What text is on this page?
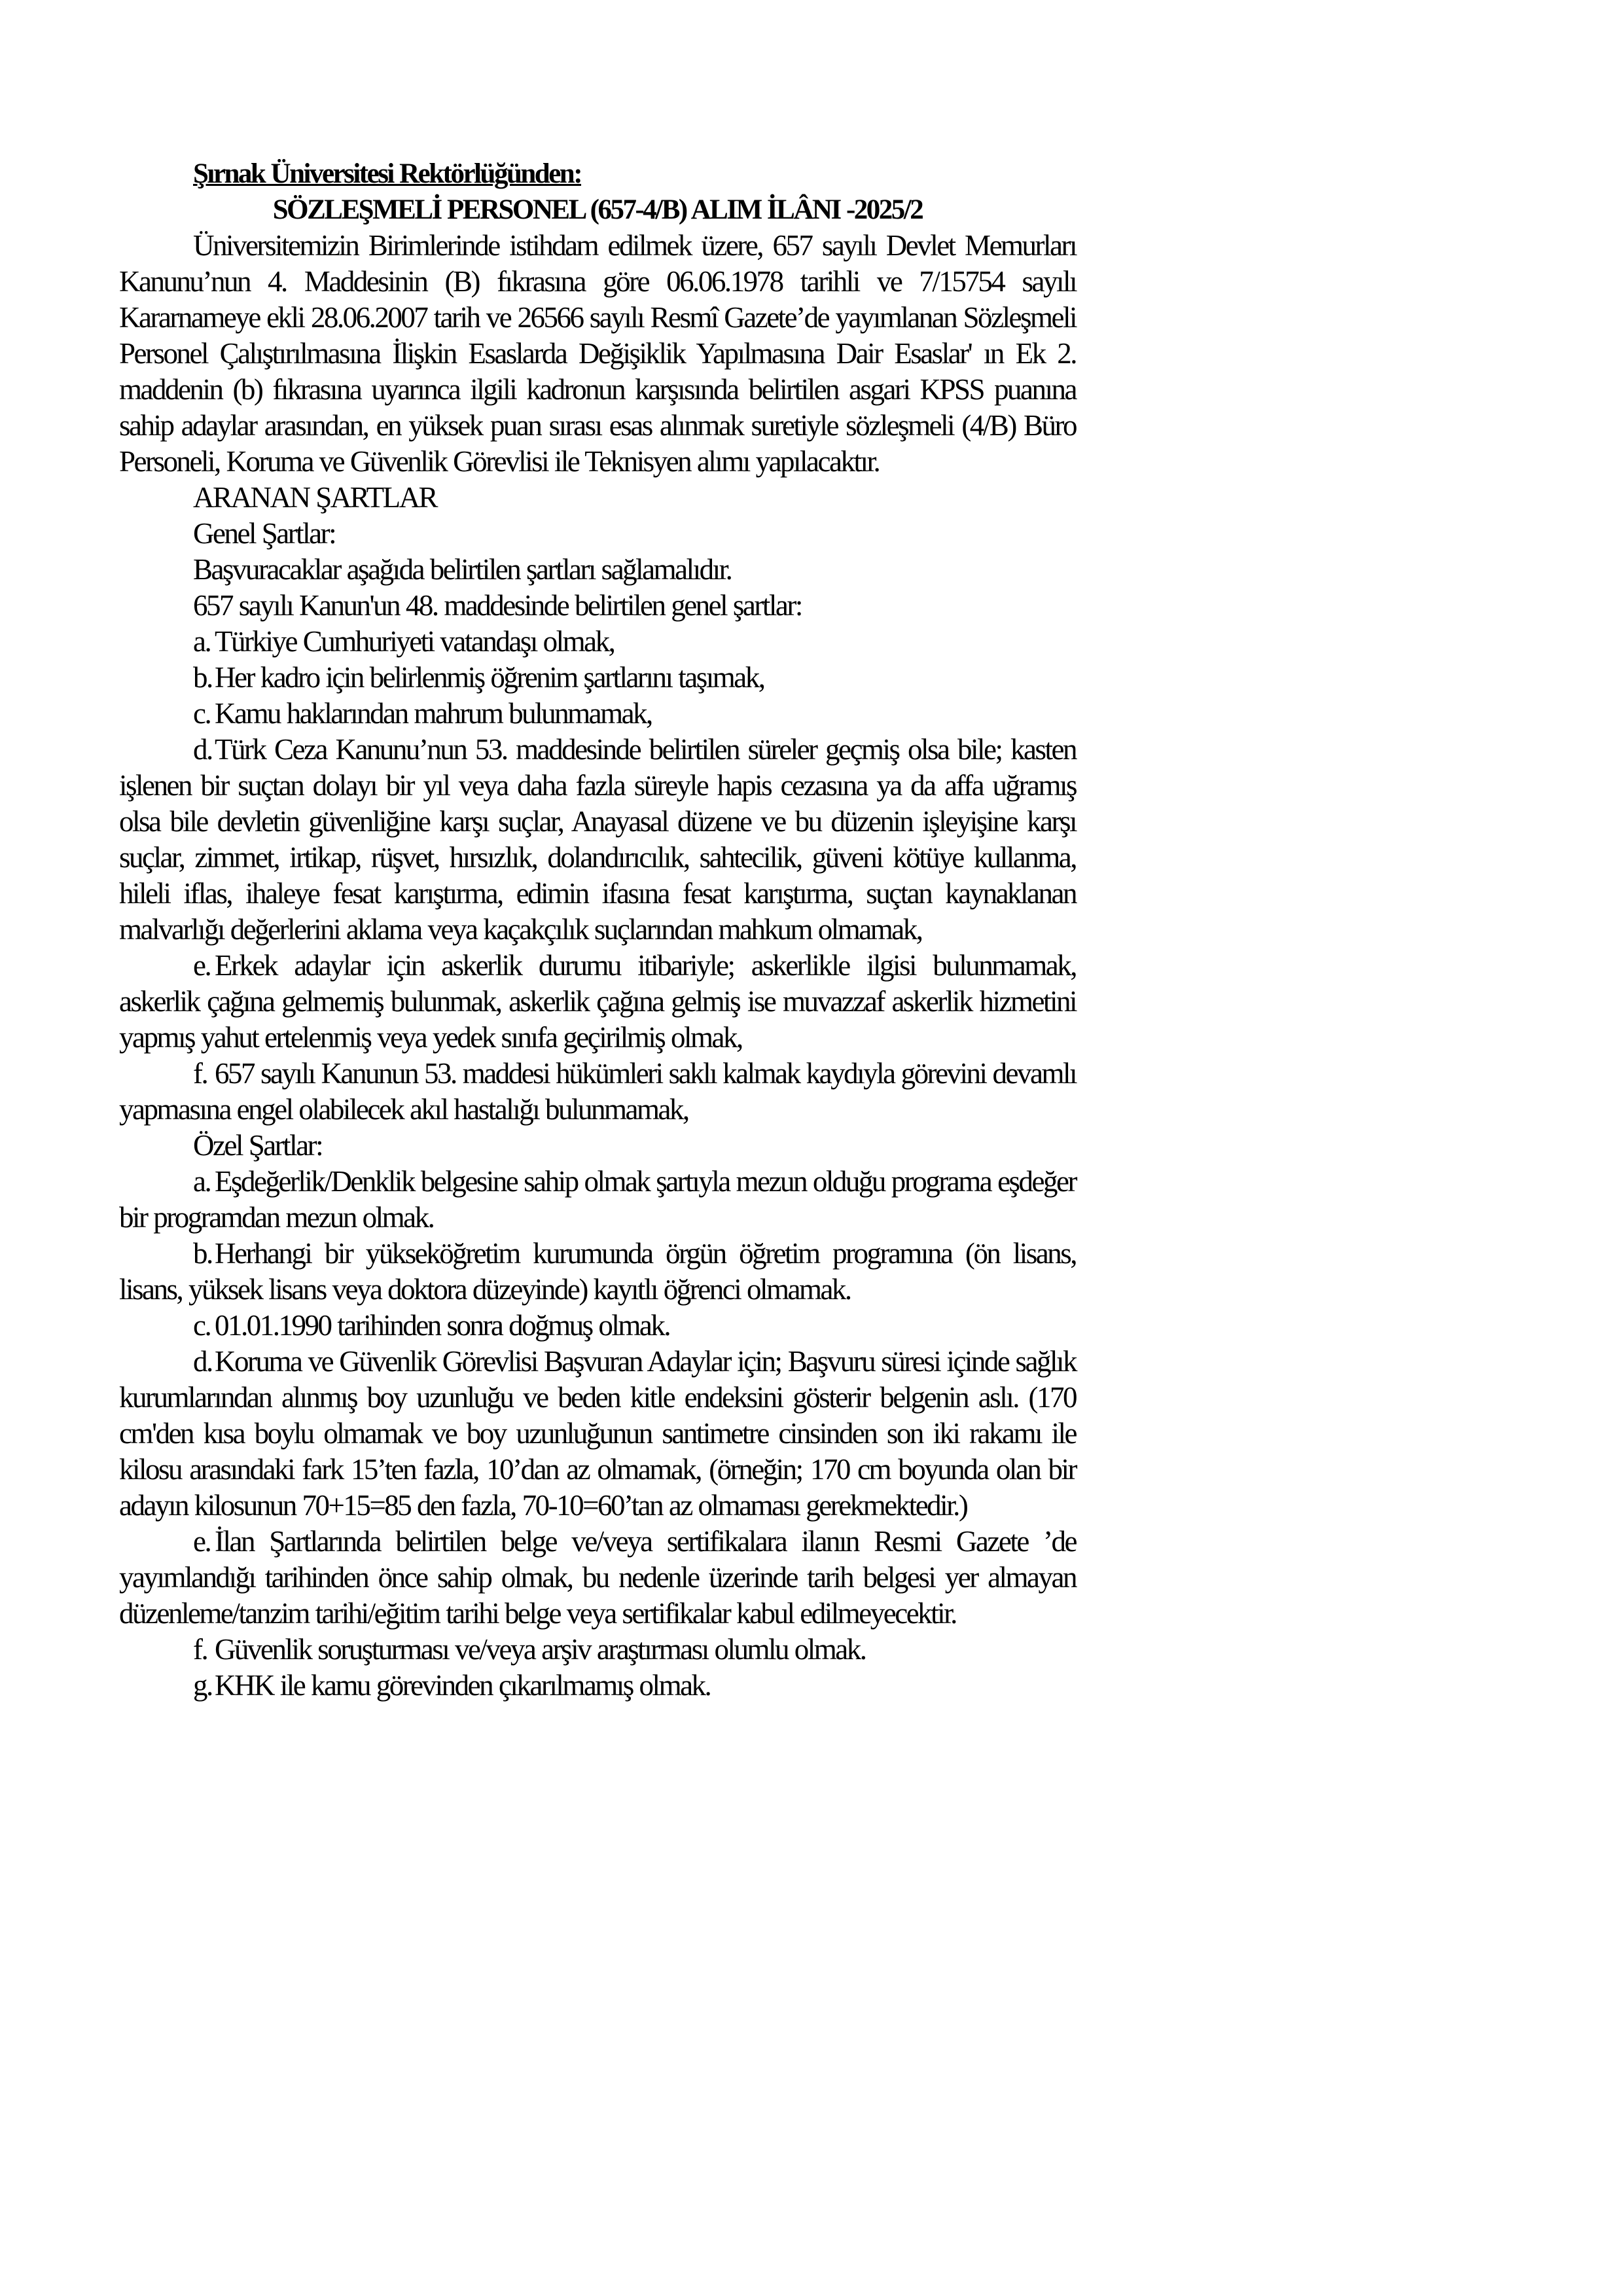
Şırnak Üniversitesi Rektörlüğünden:

SÖZLEŞMELİ PERSONEL (657-4/B) ALIM İLÂNI -2025/2

Üniversitemizin Birimlerinde istihdam edilmek üzere, 657 sayılı Devlet Memurları Kanunu’nun 4. Maddesinin (B) fıkrasına göre 06.06.1978 tarihli ve 7/15754 sayılı Kararnameye ekli 28.06.2007 tarih ve 26566 sayılı Resmî Gazete’de yayımlanan Sözleşmeli Personel Çalıştırılmasına İlişkin Esaslarda Değişiklik Yapılmasına Dair Esaslar' ın Ek 2. maddenin (b) fıkrasına uyarınca ilgili kadronun karşısında belirtilen asgari KPSS puanına sahip adaylar arasından, en yüksek puan sırası esas alınmak suretiyle sözleşmeli (4/B) Büro Personeli, Koruma ve Güvenlik Görevlisi ile Teknisyen alımı yapılacaktır.

ARANAN ŞARTLAR

Genel Şartlar:

Başvuracaklar aşağıda belirtilen şartları sağlamalıdır.

657 sayılı Kanun'un 48. maddesinde belirtilen genel şartlar:

a. Türkiye Cumhuriyeti vatandaşı olmak,

b.Her kadro için belirlenmiş öğrenim şartlarını taşımak,

c. Kamu haklarından mahrum bulunmamak,

d.Türk Ceza Kanunu’nun 53. maddesinde belirtilen süreler geçmiş olsa bile; kasten işlenen bir suçtan dolayı bir yıl veya daha fazla süreyle hapis cezasına ya da affa uğramış olsa bile devletin güvenliğine karşı suçlar, Anayasal düzene ve bu düzenin işleyişine karşı suçlar, zimmet, irtikap, rüşvet, hırsızlık, dolandırıcılık, sahtecilik, güveni kötüye kullanma, hileli iflas, ihaleye fesat karıştırma, edimin ifasına fesat karıştırma, suçtan kaynaklanan malvarlığı değerlerini aklama veya kaçakçılık suçlarından mahkum olmamak,

e. Erkek adaylar için askerlik durumu itibariyle; askerlikle ilgisi bulunmamak, askerlik çağına gelmemiş bulunmak, askerlik çağına gelmiş ise muvazzaf askerlik hizmetini yapmış yahut ertelenmiş veya yedek sınıfa geçirilmiş olmak,

f. 657 sayılı Kanunun 53. maddesi hükümleri saklı kalmak kaydıyla görevini devamlı yapmasına engel olabilecek akıl hastalığı bulunmamak,

Özel Şartlar:

a. Eşdeğerlik/Denklik belgesine sahip olmak şartıyla mezun olduğu programa eşdeğer bir programdan mezun olmak.

b.Herhangi bir yükseköğretim kurumunda örgün öğretim programına (ön lisans, lisans, yüksek lisans veya doktora düzeyinde) kayıtlı öğrenci olmamak.

c. 01.01.1990 tarihinden sonra doğmuş olmak.

d.Koruma ve Güvenlik Görevlisi Başvuran Adaylar için; Başvuru süresi içinde sağlık kurumlarından alınmış boy uzunluğu ve beden kitle endeksini gösterir belgenin aslı. (170 cm'den kısa boylu olmamak ve boy uzunluğunun santimetre cinsinden son iki rakamı ile kilosu arasındaki fark 15’ten fazla, 10’dan az olmamak, (örneğin; 170 cm boyunda olan bir adayın kilosunun 70+15=85 den fazla, 70-10=60’tan az olmaması gerekmektedir.)

e. İlan Şartlarında belirtilen belge ve/veya sertifikalara ilanın Resmi Gazete ’de yayımlandığı tarihinden önce sahip olmak, bu nedenle üzerinde tarih belgesi yer almayan düzenleme/tanzim tarihi/eğitim tarihi belge veya sertifikalar kabul edilmeyecektir.

f. Güvenlik soruşturması ve/veya arşiv araştırması olumlu olmak.

g.KHK ile kamu görevinden çıkarılmamış olmak.
